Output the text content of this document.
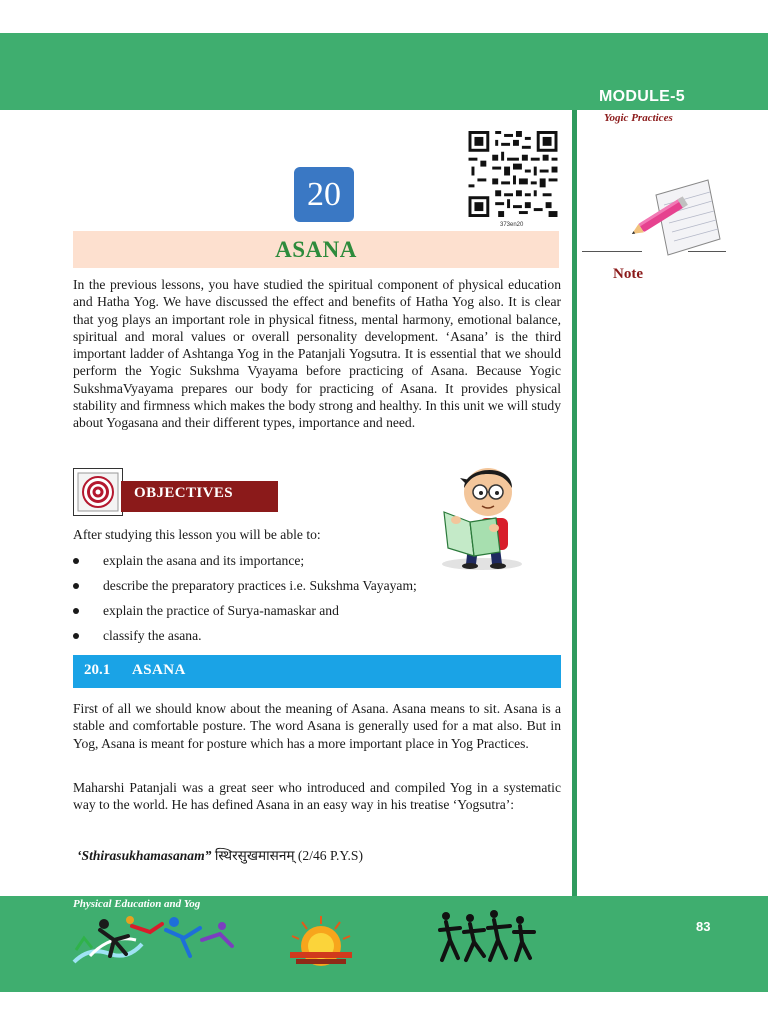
MODULE-5
Yogic Practices
373en20
20
ASANA
Note

In the previous lessons, you have studied the spiritual component of physical education and Hatha Yog. We have discussed the effect and benefits of Hatha Yog also. It is clear that yog plays an important role in physical fitness, mental harmony, emotional balance, spiritual and moral values or overall personality development. ‘Asana’ is the third important ladder of Ashtanga Yog in the Patanjali Yogsutra. It is essential that we should perform the Yogic Sukshma Vyayama before practicing of Asana. Because Yogic SukshmaVyayama prepares our body for practicing of Asana. It provides physical stability and firmness which makes the body strong and healthy. In this unit we will study about Yogasana and their different types, importance and need.

OBJECTIVES
After studying this lesson you will be able to:
explain the asana and its importance;
describe the preparatory practices i.e. Sukshma Vayayam;
explain the practice of Surya-namaskar and
classify the asana.
20.1 ASANA

First of all we should know about the meaning of Asana. Asana means to sit. Asana is a stable and comfortable posture. The word Asana is generally used for a mat also. But in Yog, Asana is meant for posture which has a more important place in Yog Practices.

Maharshi Patanjali was a great seer who introduced and compiled Yog in a systematic way to the world. He has defined Asana in an easy way in his treatise ‘Yogsutra’:

‘Sthirasukhamasanam” स्थिरसुखमासनम् (2/46 P.Y.S)
Physical Education and Yog
83
